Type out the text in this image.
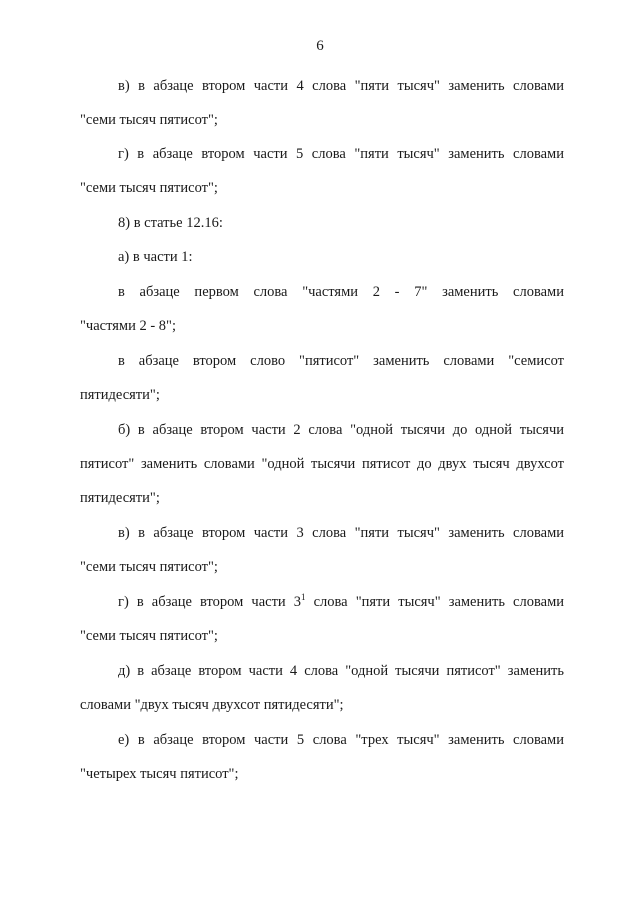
6
в) в абзаце втором части 4 слова "пяти тысяч" заменить словами
"семи тысяч пятисот";
г) в абзаце втором части 5 слова "пяти тысяч" заменить словами
"семи тысяч пятисот";
8) в статье 12.16:
а) в части 1:
в абзаце первом слова "частями 2 - 7" заменить словами
"частями 2 - 8";
в абзаце втором слово "пятисот" заменить словами "семисот
пятидесяти";
б) в абзаце втором части 2 слова "одной тысячи до одной тысячи
пятисот" заменить словами "одной тысячи пятисот до двух тысяч двухсот
пятидесяти";
в) в абзаце втором части 3 слова "пяти тысяч" заменить словами
"семи тысяч пятисот";
г) в абзаце втором части $3^1$ слова "пяти тысяч" заменить словами
"семи тысяч пятисот";
д) в абзаце втором части 4 слова "одной тысячи пятисот" заменить
словами "двух тысяч двухсот пятидесяти";
е) в абзаце втором части 5 слова "трех тысяч" заменить словами
"четырех тысяч пятисот";
